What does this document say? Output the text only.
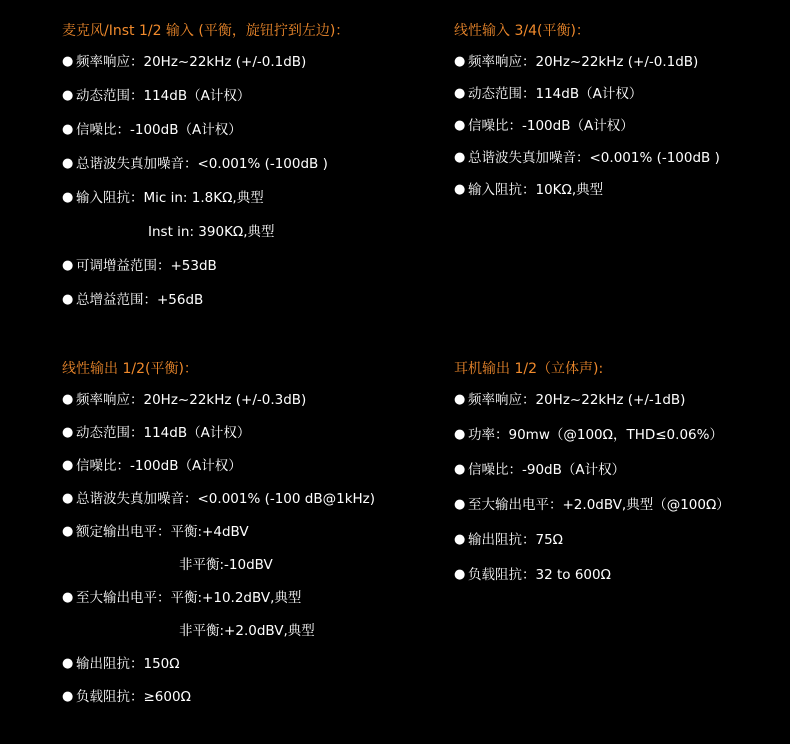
麦克风/Inst 1/2 输入 (平衡，旋钮拧到左边)：
● 频率响应：20Hz~22kHz (+/-0.1dB)
● 动态范围：114dB（A计权）
● 信噪比：-100dB（A计权）
● 总谐波失真加噪音：<0.001% (-100dB )
● 输入阻抗：Mic in: 1.8KΩ,典型
Inst in: 390KΩ,典型
● 可调增益范围：+53dB
● 总增益范围：+56dB
线性输入 3/4(平衡)：
● 频率响应：20Hz~22kHz (+/-0.1dB)
● 动态范围：114dB（A计权）
● 信噪比：-100dB（A计权）
● 总谐波失真加噪音：<0.001% (-100dB )
● 输入阻抗：10KΩ,典型
线性输出 1/2(平衡)：
● 频率响应：20Hz~22kHz (+/-0.3dB)
● 动态范围：114dB（A计权）
● 信噪比：-100dB（A计权）
● 总谐波失真加噪音：<0.001% (-100 dB@1kHz)
● 额定输出电平：平衡:+4dBV
非平衡:-10dBV
● 至大输出电平：平衡:+10.2dBV,典型
非平衡:+2.0dBV,典型
● 输出阻抗：150Ω
● 负载阻抗：≥600Ω
耳机输出 1/2（立体声):
● 频率响应：20Hz~22kHz (+/-1dB)
● 功率：90mw（@100Ω，THD≤0.06%）
● 信噪比：-90dB（A计权）
● 至大输出电平：+2.0dBV,典型（@100Ω）
● 输出阻抗：75Ω
● 负载阻抗：32 to 600Ω
